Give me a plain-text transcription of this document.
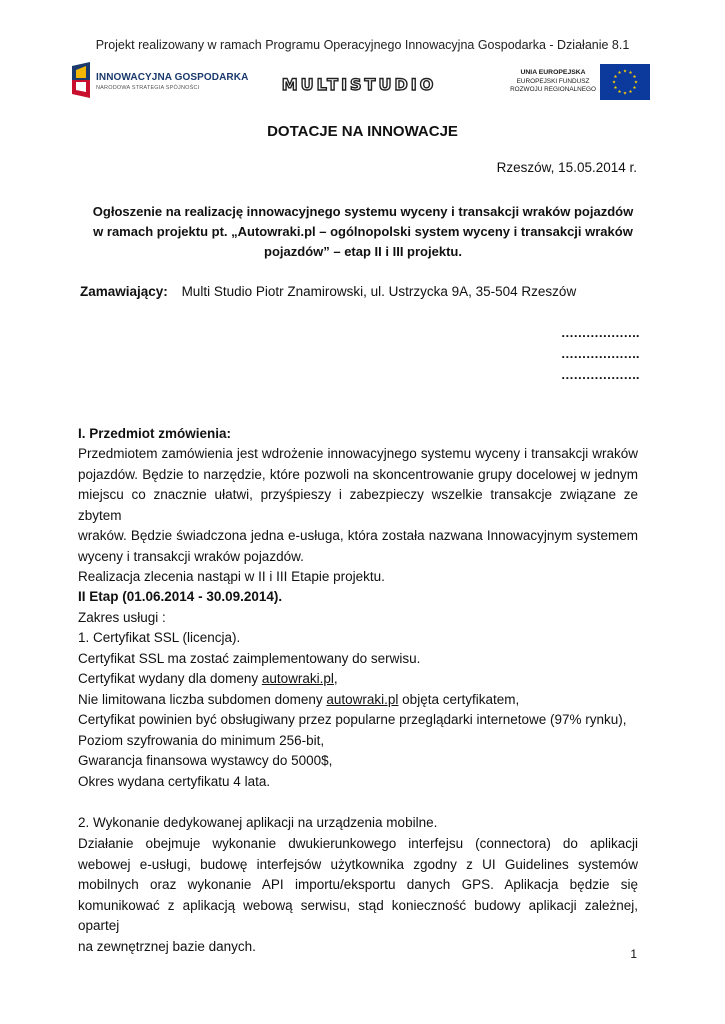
Projekt realizowany w ramach Programu Operacyjnego Innowacyjna Gospodarka - Działanie 8.1
INNOWACYJNA GOSPODARKA
NARODOWA STRATEGIA SPÓJNOŚCI	MULTISTUDIO
UNIA EUROPEJSKA
EUROPEJSKI FUNDUSZ
ROZWOJU REGIONALNEGO
DOTACJE NA INNOWACJE
Rzeszów, 15.05.2014 r.
Ogłoszenie na realizację innowacyjnego systemu wyceny i transakcji wraków pojazdów
w ramach projektu pt. „Autowraki.pl – ogólnopolski system wyceny i transakcji wraków
pojazdów” – etap II i III projektu.
Zamawiający: Multi Studio Piotr Znamirowski, ul. Ustrzycka 9A, 35-504 Rzeszów
……………….
……………….
……………….
I. Przedmiot zmówienia:
Przedmiotem zamówienia jest wdrożenie innowacyjnego systemu wyceny i transakcji wraków
pojazdów. Będzie to narzędzie, które pozwoli na skoncentrowanie grupy docelowej w jednym
miejscu co znacznie ułatwi, przyśpieszy i zabezpieczy wszelkie transakcje związane ze zbytem
wraków. Będzie świadczona jedna e-usługa, która została nazwana Innowacyjnym systemem
wyceny i transakcji wraków pojazdów.
Realizacja zlecenia nastąpi w II i III Etapie projektu.
II Etap (01.06.2014 - 30.09.2014).
Zakres usługi :
1. Certyfikat SSL (licencja).
Certyfikat SSL ma zostać zaimplementowany do serwisu.
Certyfikat wydany dla domeny autowraki.pl,
Nie limitowana liczba subdomen domeny autowraki.pl objęta certyfikatem,
Certyfikat powinien być obsługiwany przez popularne przeglądarki internetowe (97% rynku),
Poziom szyfrowania do minimum 256-bit,
Gwarancja finansowa wystawcy do 5000$,
Okres wydana certyfikatu 4 lata.
2. Wykonanie dedykowanej aplikacji na urządzenia mobilne.
Działanie obejmuje wykonanie dwukierunkowego interfejsu (connectora) do aplikacji
webowej e-usługi, budowę interfejsów użytkownika zgodny z UI Guidelines systemów
mobilnych oraz wykonanie API importu/eksportu danych GPS. Aplikacja będzie się
komunikować z aplikacją webową serwisu, stąd konieczność budowy aplikacji zależnej, opartej
na zewnętrznej bazie danych.
1
